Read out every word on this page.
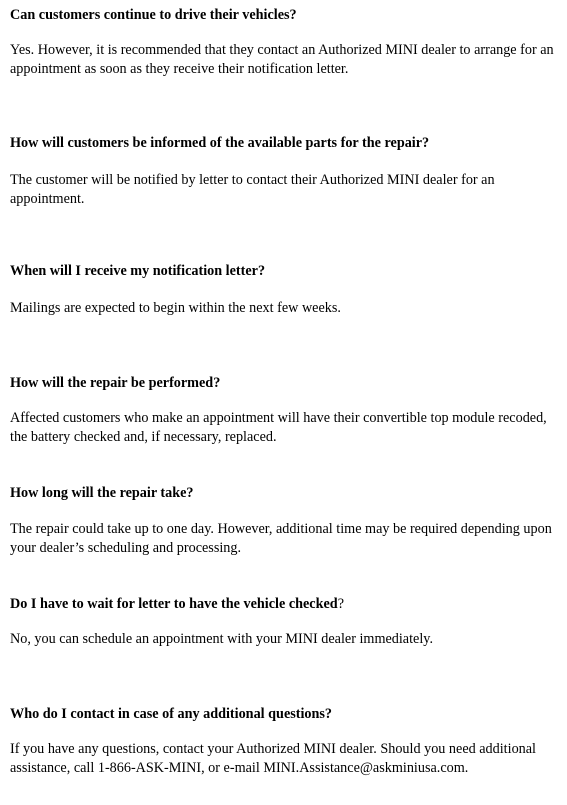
Can customers continue to drive their vehicles?
Yes. However, it is recommended that they contact an Authorized MINI dealer to arrange for an appointment as soon as they receive their notification letter.
How will customers be informed of the available parts for the repair?
The customer will be notified by letter to contact their Authorized MINI dealer for an appointment.
When will I receive my notification letter?
Mailings are expected to begin within the next few weeks.
How will the repair be performed?
Affected customers who make an appointment will have their convertible top module recoded, the battery checked and, if necessary, replaced.
How long will the repair take?
The repair could take up to one day. However, additional time may be required depending upon your dealer’s scheduling and processing.
Do I have to wait for letter to have the vehicle checked?
No, you can schedule an appointment with your MINI dealer immediately.
Who do I contact in case of any additional questions?
If you have any questions, contact your Authorized MINI dealer. Should you need additional assistance, call 1-866-ASK-MINI, or e-mail MINI.Assistance@askminiusa.com.
